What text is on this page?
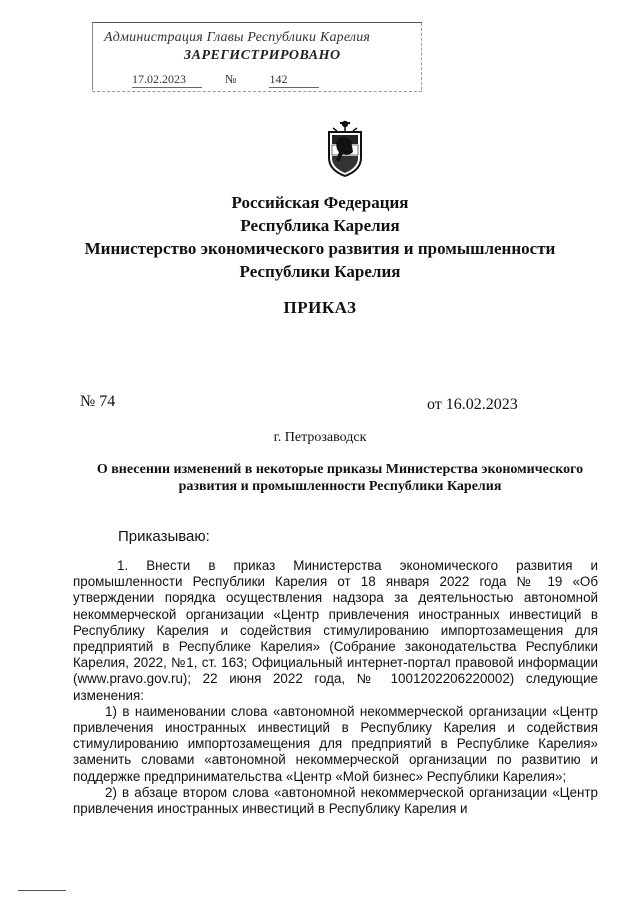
Администрация Главы Республики Карелия
ЗАРЕГИСТРИРОВАНО
17.02.2023	№	142
Российская Федерация
Республика Карелия
Министерство экономического развития и промышленности
Республики Карелия
ПРИКАЗ
№ 74	от 16.02.2023
г. Петрозаводск
О внесении изменений в некоторые приказы Министерства экономического развития и промышленности Республики Карелия
Приказываю:

1. Внести в приказ Министерства экономического развития и промышленности Республики Карелия от 18 января 2022 года № 19 «Об утверждении порядка осуществления надзора за деятельностью автономной некоммерческой организации «Центр привлечения иностранных инвестиций в Республику Карелия и содействия стимулированию импортозамещения для предприятий в Республике Карелия» (Собрание законодательства Республики Карелия, 2022, №1, ст. 163; Официальный интернет-портал правовой информации (www.pravo.gov.ru); 22 июня 2022 года, № 1001202206220002) следующие изменения:

1) в наименовании слова «автономной некоммерческой организации «Центр привлечения иностранных инвестиций в Республику Карелия и содействия стимулированию импортозамещения для предприятий в Республике Карелия» заменить словами «автономной некоммерческой организации по развитию и поддержке предпринимательства «Центр «Мой бизнес» Республики Карелия»;

2) в абзаце втором слова «автономной некоммерческой организации «Центр привлечения иностранных инвестиций в Республику Карелия и
